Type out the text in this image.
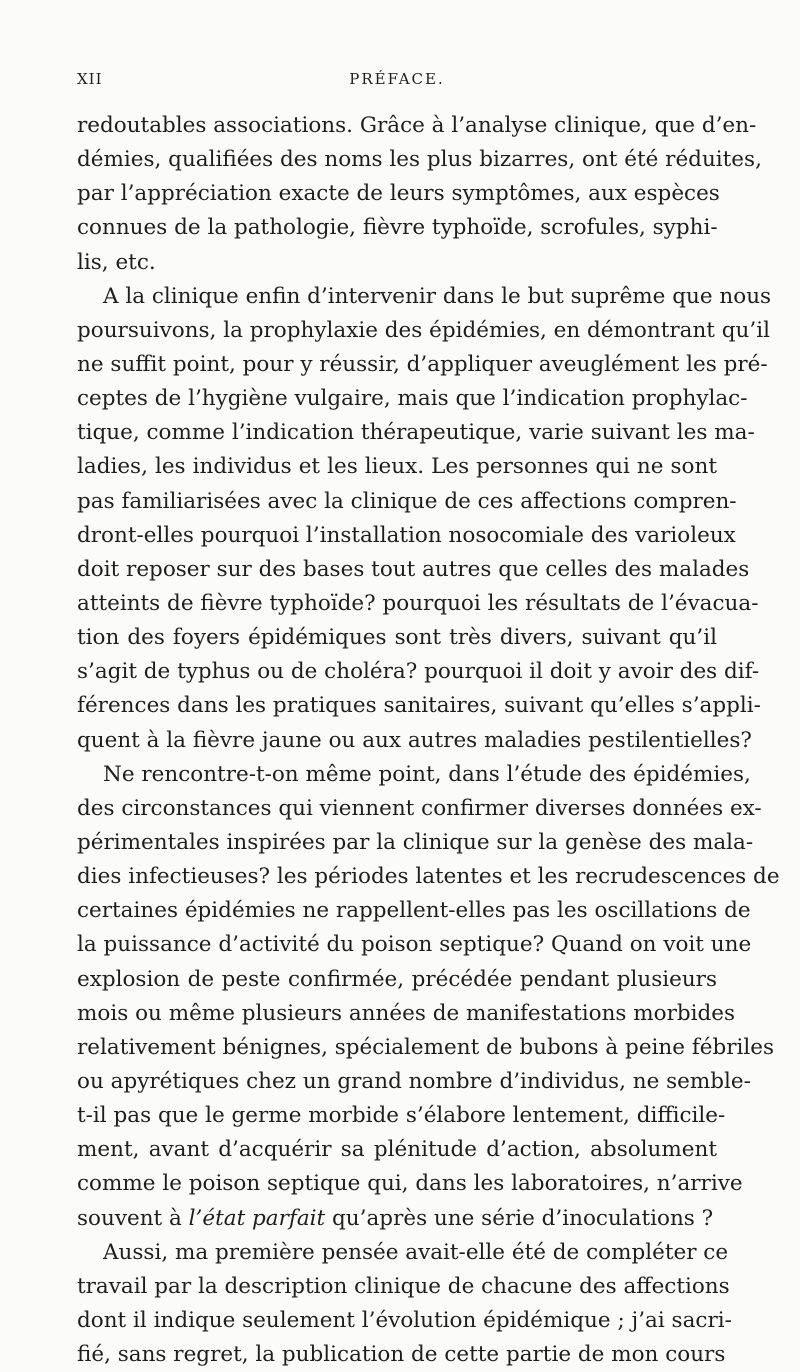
XII	PRÉFACE.
redoutables associations. Grâce à l’analyse clinique, que d’en-
démies, qualifiées des noms les plus bizarres, ont été réduites,
par l’appréciation exacte de leurs symptômes, aux espèces
connues de la pathologie, fièvre typhoïde, scrofules, syphi-
lis, etc.
A la clinique enfin d’intervenir dans le but suprême que nous
poursuivons, la prophylaxie des épidémies, en démontrant qu’il
ne suffit point, pour y réussir, d’appliquer aveuglément les pré-
ceptes de l’hygiène vulgaire, mais que l’indication prophylac-
tique, comme l’indication thérapeutique, varie suivant les ma-
ladies, les individus et les lieux. Les personnes qui ne sont
pas familiarisées avec la clinique de ces affections compren-
dront-elles pourquoi l’installation nosocomiale des varioleux
doit reposer sur des bases tout autres que celles des malades
atteints de fièvre typhoïde? pourquoi les résultats de l’évacua-
tion des foyers épidémiques sont très divers, suivant qu’il
s’agit de typhus ou de choléra? pourquoi il doit y avoir des dif-
férences dans les pratiques sanitaires, suivant qu’elles s’appli-
quent à la fièvre jaune ou aux autres maladies pestilentielles?
Ne rencontre-t-on même point, dans l’étude des épidémies,
des circonstances qui viennent confirmer diverses données ex-
périmentales inspirées par la clinique sur la genèse des mala-
dies infectieuses? les périodes latentes et les recrudescences de
certaines épidémies ne rappellent-elles pas les oscillations de
la puissance d’activité du poison septique? Quand on voit une
explosion de peste confirmée, précédée pendant plusieurs
mois ou même plusieurs années de manifestations morbides
relativement bénignes, spécialement de bubons à peine fébriles
ou apyrétiques chez un grand nombre d’individus, ne semble-
t-il pas que le germe morbide s’élabore lentement, difficile-
ment, avant d’acquérir sa plénitude d’action, absolument
comme le poison septique qui, dans les laboratoires, n’arrive
souvent à l’état parfait qu’après une série d’inoculations ?
Aussi, ma première pensée avait-elle été de compléter ce
travail par la description clinique de chacune des affections
dont il indique seulement l’évolution épidémique ; j’ai sacri-
fié, sans regret, la publication de cette partie de mon cours
